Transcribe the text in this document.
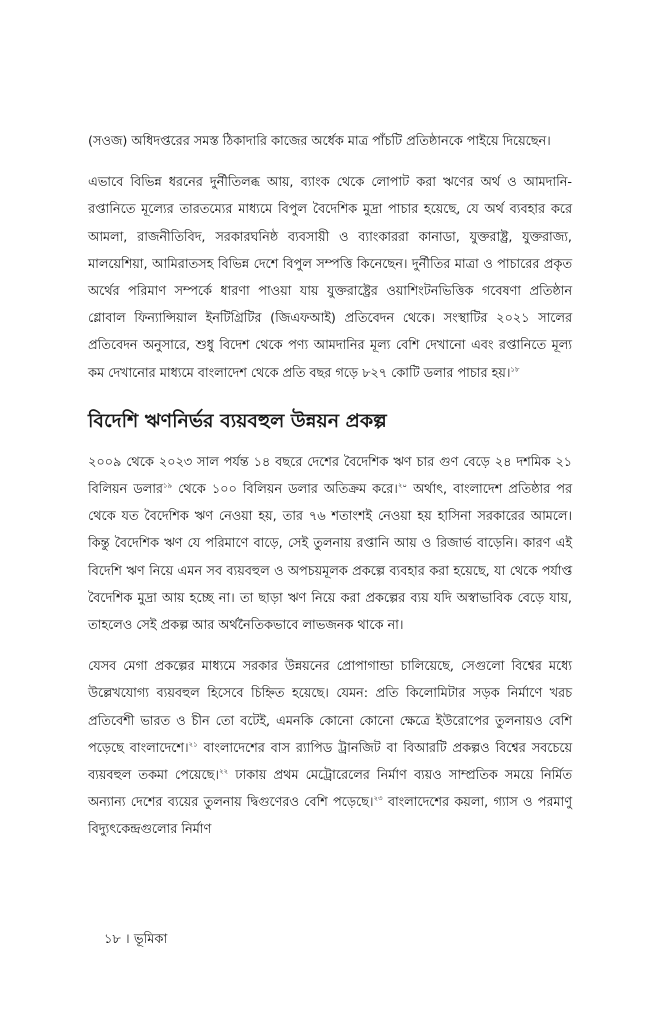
(সওজ) অধিদপ্তরের সমস্ত ঠিকাদারি কাজের অর্ধেক মাত্র পাঁচটি প্রতিষ্ঠানকে পাইয়ে দিয়েছেন।

এভাবে বিভিন্ন ধরনের দুর্নীতিলব্ধ আয়, ব্যাংক থেকে লোপাট করা ঋণের অর্থ ও আমদানি-রপ্তানিতে মূল্যের তারতম্যের মাধ্যমে বিপুল বৈদেশিক মুদ্রা পাচার হয়েছে, যে অর্থ ব্যবহার করে আমলা, রাজনীতিবিদ, সরকারঘনিষ্ঠ ব্যবসায়ী ও ব্যাংকাররা কানাডা, যুক্তরাষ্ট্র, যুক্তরাজ্য, মালয়েশিয়া, আমিরাতসহ বিভিন্ন দেশে বিপুল সম্পত্তি কিনেছেন। দুর্নীতির মাত্রা ও পাচারের প্রকৃত অর্থের পরিমাণ সম্পর্কে ধারণা পাওয়া যায় যুক্তরাষ্ট্রের ওয়াশিংটনভিত্তিক গবেষণা প্রতিষ্ঠান গ্লোবাল ফিন্যান্সিয়াল ইনটিগ্রিটির (জিএফআই) প্রতিবেদন থেকে। সংস্থাটির ২০২১ সালের প্রতিবেদন অনুসারে, শুধু বিদেশ থেকে পণ্য আমদানির মূল্য বেশি দেখানো এবং রপ্তানিতে মূল্য কম দেখানোর মাধ্যমে বাংলাদেশ থেকে প্রতি বছর গড়ে ৮২৭ কোটি ডলার পাচার হয়।$^{১৮}$

বিদেশি ঋণনির্ভর ব্যয়বহুল উন্নয়ন প্রকল্প

২০০৯ থেকে ২০২৩ সাল পর্যন্ত ১৪ বছরে দেশের বৈদেশিক ঋণ চার গুণ বেড়ে ২৪ দশমিক ২১ বিলিয়ন ডলার$^{১৯}$ থেকে ১০০ বিলিয়ন ডলার অতিক্রম করে।$^{২০}$ অর্থাৎ, বাংলাদেশ প্রতিষ্ঠার পর থেকে যত বৈদেশিক ঋণ নেওয়া হয়, তার ৭৬ শতাংশই নেওয়া হয় হাসিনা সরকারের আমলে। কিন্তু বৈদেশিক ঋণ যে পরিমাণে বাড়ে, সেই তুলনায় রপ্তানি আয় ও রিজার্ভ বাড়েনি। কারণ এই বিদেশি ঋণ নিয়ে এমন সব ব্যয়বহুল ও অপচয়মূলক প্রকল্পে ব্যবহার করা হয়েছে, যা থেকে পর্যাপ্ত বৈদেশিক মুদ্রা আয় হচ্ছে না। তা ছাড়া ঋণ নিয়ে করা প্রকল্পের ব্যয় যদি অস্বাভাবিক বেড়ে যায়, তাহলেও সেই প্রকল্প আর অর্থনৈতিকভাবে লাভজনক থাকে না।

যেসব মেগা প্রকল্পের মাধ্যমে সরকার উন্নয়নের প্রোপাগান্ডা চালিয়েছে, সেগুলো বিশ্বের মধ্যে উল্লেখযোগ্য ব্যয়বহুল হিসেবে চিহ্নিত হয়েছে। যেমন: প্রতি কিলোমিটার সড়ক নির্মাণে খরচ প্রতিবেশী ভারত ও চীন তো বটেই, এমনকি কোনো কোনো ক্ষেত্রে ইউরোপের তুলনায়ও বেশি পড়েছে বাংলাদেশে।$^{২১}$ বাংলাদেশের বাস র‍্যাপিড ট্রানজিট বা বিআরটি প্রকল্পও বিশ্বের সবচেয়ে ব্যয়বহুল তকমা পেয়েছে।$^{২২}$ ঢাকায় প্রথম মেট্রোরেলের নির্মাণ ব্যয়ও সাম্প্রতিক সময়ে নির্মিত অন্যান্য দেশের ব্যয়ের তুলনায় দ্বিগুণেরও বেশি পড়েছে।$^{২৩}$ বাংলাদেশের কয়লা, গ্যাস ও পরমাণু বিদ্যুৎকেন্দ্রগুলোর নির্মাণ

১৮ । ভূমিকা
